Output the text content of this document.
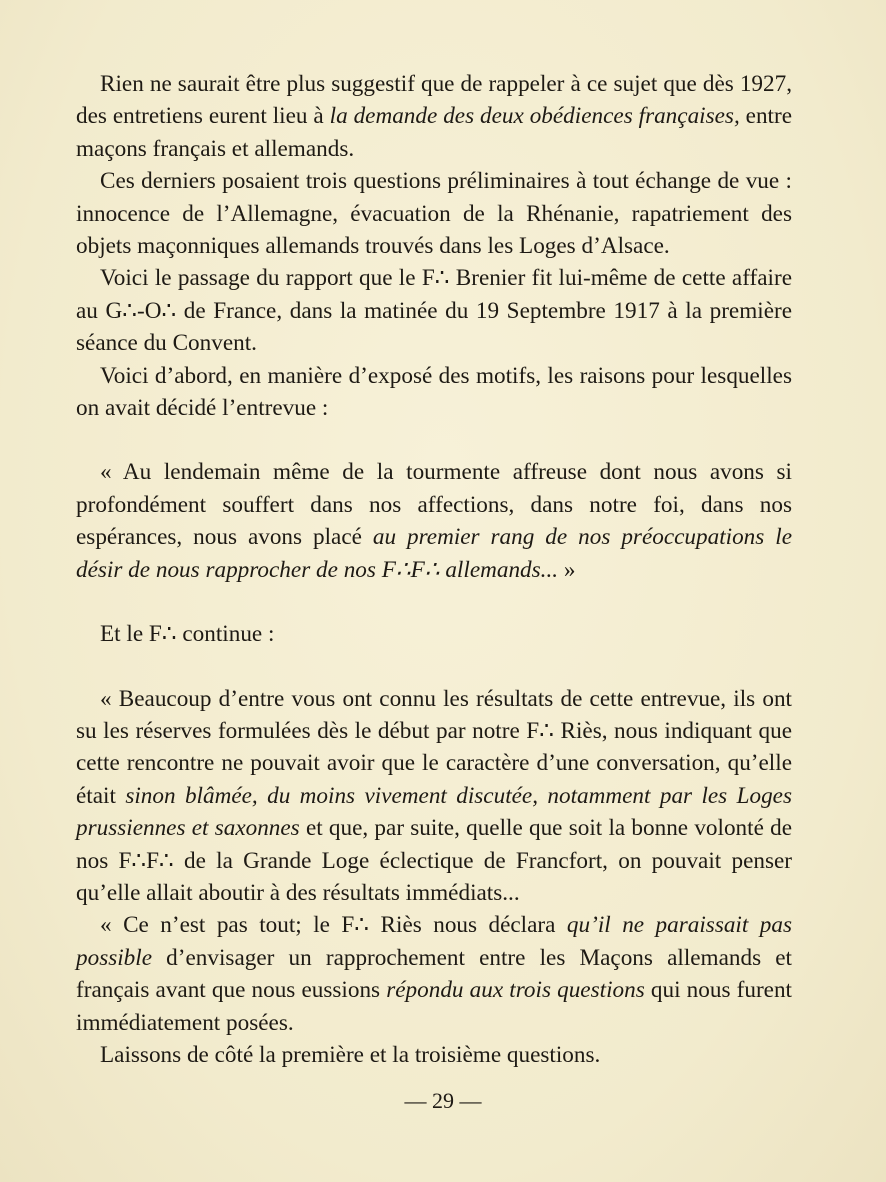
Rien ne saurait être plus suggestif que de rappeler à ce sujet que dès 1927, des entretiens eurent lieu à la demande des deux obédiences françaises, entre maçons français et allemands.

Ces derniers posaient trois questions préliminaires à tout échange de vue : innocence de l’Allemagne, évacuation de la Rhénanie, rapatriement des objets maçonniques allemands trouvés dans les Loges d’Alsace.

Voici le passage du rapport que le F∴ Brenier fit lui-même de cette affaire au G∴-O∴ de France, dans la matinée du 19 Septembre 1917 à la première séance du Convent.

Voici d’abord, en manière d’exposé des motifs, les raisons pour lesquelles on avait décidé l’entrevue :

« Au lendemain même de la tourmente affreuse dont nous avons si profondément souffert dans nos affections, dans notre foi, dans nos espérances, nous avons placé au premier rang de nos préoccupations le désir de nous rapprocher de nos F∴F∴ allemands... »

Et le F∴ continue :

« Beaucoup d’entre vous ont connu les résultats de cette entrevue, ils ont su les réserves formulées dès le début par notre F∴ Riès, nous indiquant que cette rencontre ne pouvait avoir que le caractère d’une conversation, qu’elle était sinon blâmée, du moins vivement discutée, notamment par les Loges prussiennes et saxonnes et que, par suite, quelle que soit la bonne volonté de nos F∴F∴ de la Grande Loge éclectique de Francfort, on pouvait penser qu’elle allait aboutir à des résultats immédiats...

« Ce n’est pas tout; le F∴ Riès nous déclara qu’il ne paraissait pas possible d’envisager un rapprochement entre les Maçons allemands et français avant que nous eussions répondu aux trois questions qui nous furent immédiatement posées.

Laissons de côté la première et la troisième questions.

— 29 —
